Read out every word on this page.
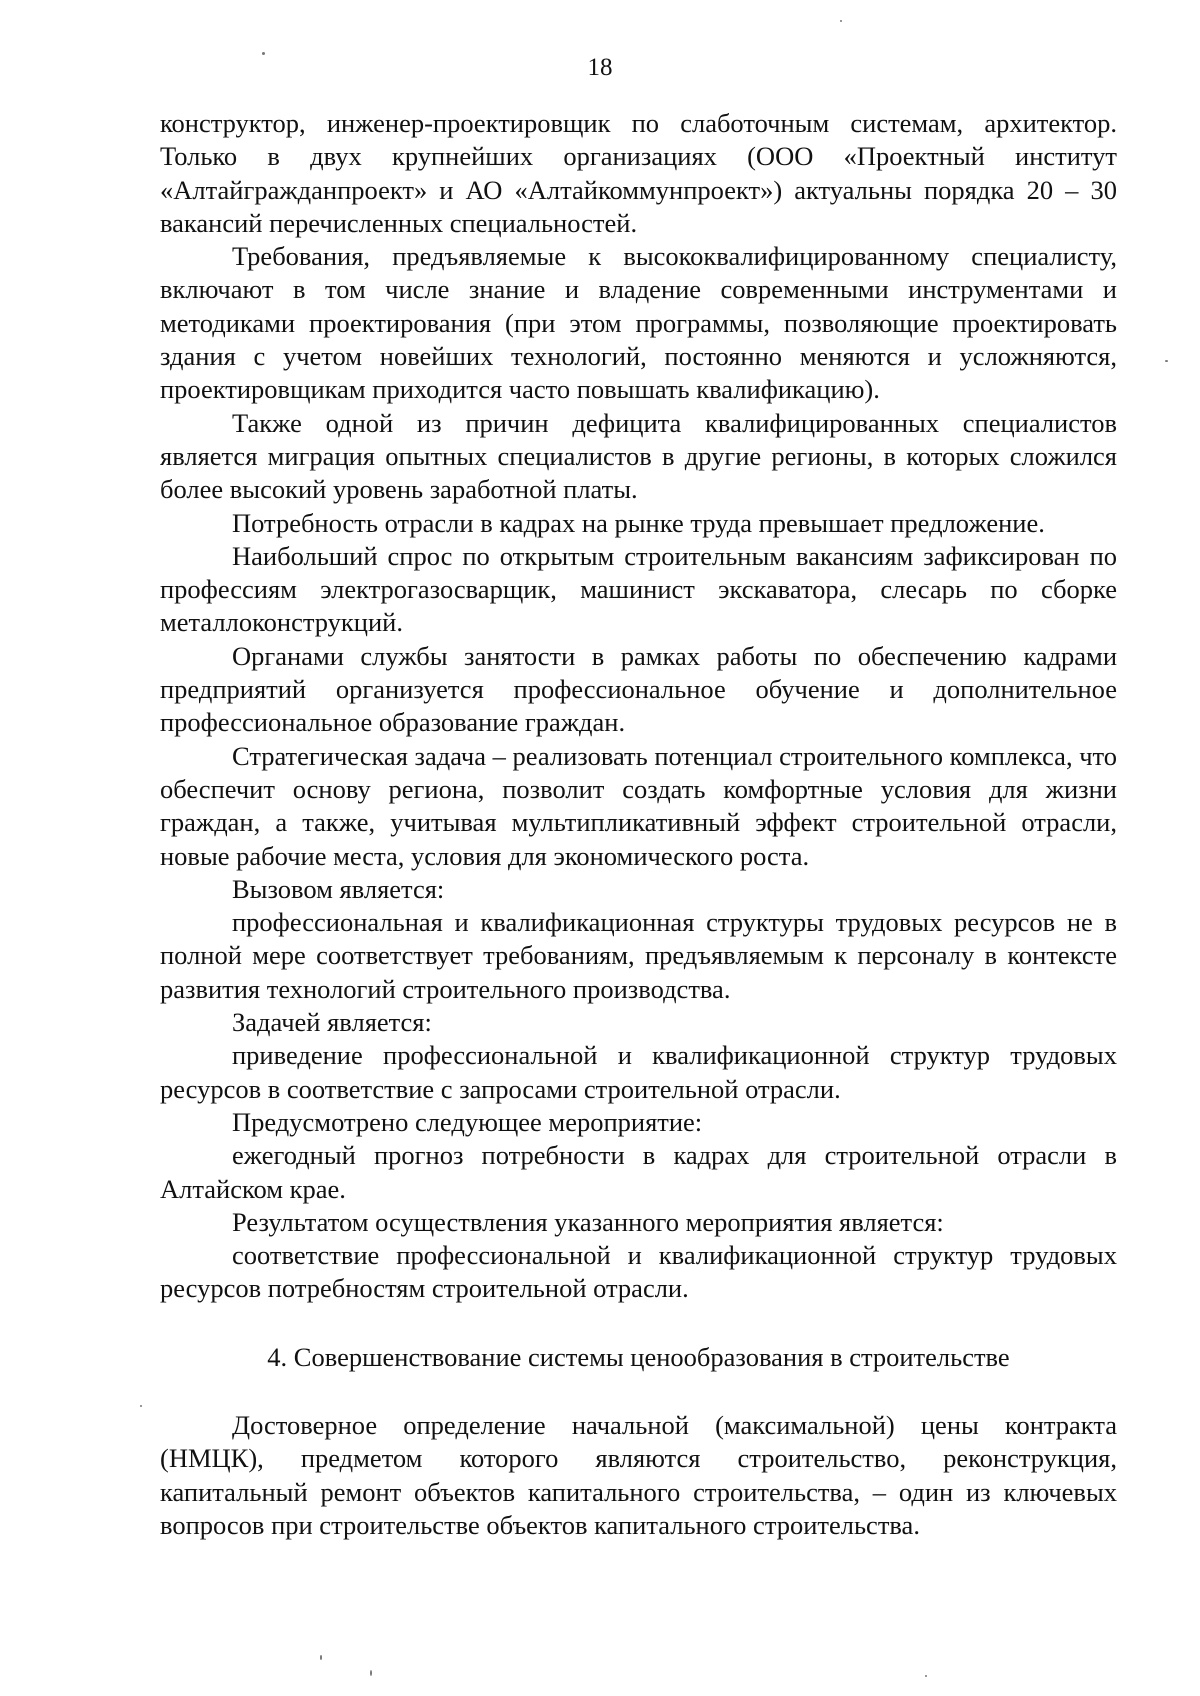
18

конструктор, инженер-проектировщик по слаботочным системам, архитектор. Только в двух крупнейших организациях (ООО «Проектный институт «Алтайгражданпроект» и АО «Алтайкоммунпроект») актуальны порядка 20 – 30 вакансий перечисленных специальностей.

Требования, предъявляемые к высококвалифицированному специалисту, включают в том числе знание и владение современными инструментами и методиками проектирования (при этом программы, позволяющие проектировать здания с учетом новейших технологий, постоянно меняются и усложняются, проектировщикам приходится часто повышать квалификацию).

Также одной из причин дефицита квалифицированных специалистов является миграция опытных специалистов в другие регионы, в которых сложился более высокий уровень заработной платы.

Потребность отрасли в кадрах на рынке труда превышает предложение.

Наибольший спрос по открытым строительным вакансиям зафиксирован по профессиям электрогазосварщик, машинист экскаватора, слесарь по сборке металлоконструкций.

Органами службы занятости в рамках работы по обеспечению кадрами предприятий организуется профессиональное обучение и дополнительное профессиональное образование граждан.

Стратегическая задача – реализовать потенциал строительного комплекса, что обеспечит основу региона, позволит создать комфортные условия для жизни граждан, а также, учитывая мультипликативный эффект строительной отрасли, новые рабочие места, условия для экономического роста.

Вызовом является:

профессиональная и квалификационная структуры трудовых ресурсов не в полной мере соответствует требованиям, предъявляемым к персоналу в контексте развития технологий строительного производства.

Задачей является:

приведение профессиональной и квалификационной структур трудовых ресурсов в соответствие с запросами строительной отрасли.

Предусмотрено следующее мероприятие:

ежегодный прогноз потребности в кадрах для строительной отрасли в Алтайском крае.

Результатом осуществления указанного мероприятия является:

соответствие профессиональной и квалификационной структур трудовых ресурсов потребностям строительной отрасли.

4. Совершенствование системы ценообразования в строительстве

Достоверное определение начальной (максимальной) цены контракта (НМЦК), предметом которого являются строительство, реконструкция, капитальный ремонт объектов капитального строительства, – один из ключевых вопросов при строительстве объектов капитального строительства.
